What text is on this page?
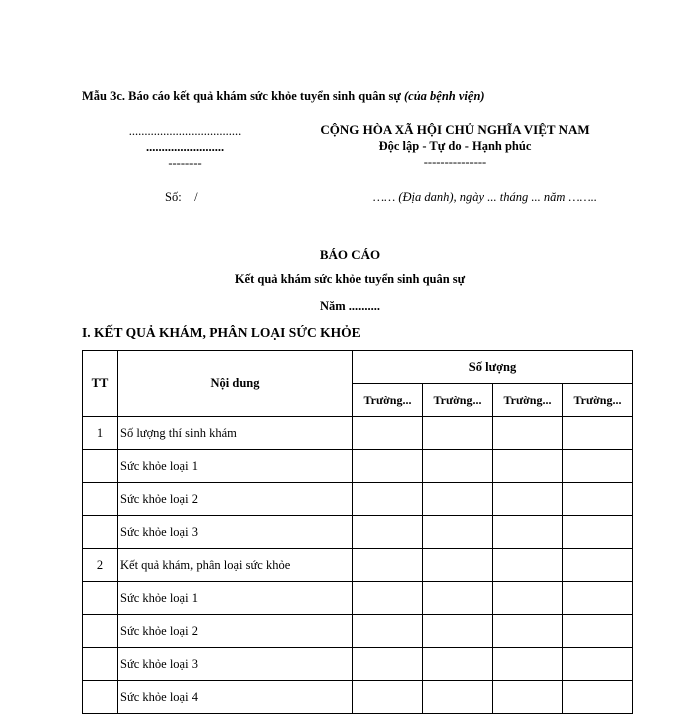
Mẫu 3c. Báo cáo kết quả khám sức khỏe tuyển sinh quân sự (của bệnh viện)
....................................
.........................
--------
CỘNG HÒA XÃ HỘI CHỦ NGHĨA VIỆT NAM
Độc lập - Tự do - Hạnh phúc
---------------
Số:    /	…… (Địa danh), ngày ... tháng ... năm ……..
BÁO CÁO
Kết quả khám sức khỏe tuyển sinh quân sự
Năm ..........
I. KẾT QUẢ KHÁM, PHÂN LOẠI SỨC KHỎE
TT	Nội dung	Số lượng			
		Trường...	Trường...	Trường...	Trường...
1	Số lượng thí sinh khám				
	Sức khỏe loại 1				
	Sức khỏe loại 2				
	Sức khỏe loại 3				
2	Kết quả khám, phân loại sức khỏe				
	Sức khỏe loại 1				
	Sức khỏe loại 2				
	Sức khỏe loại 3				
	Sức khỏe loại 4				
